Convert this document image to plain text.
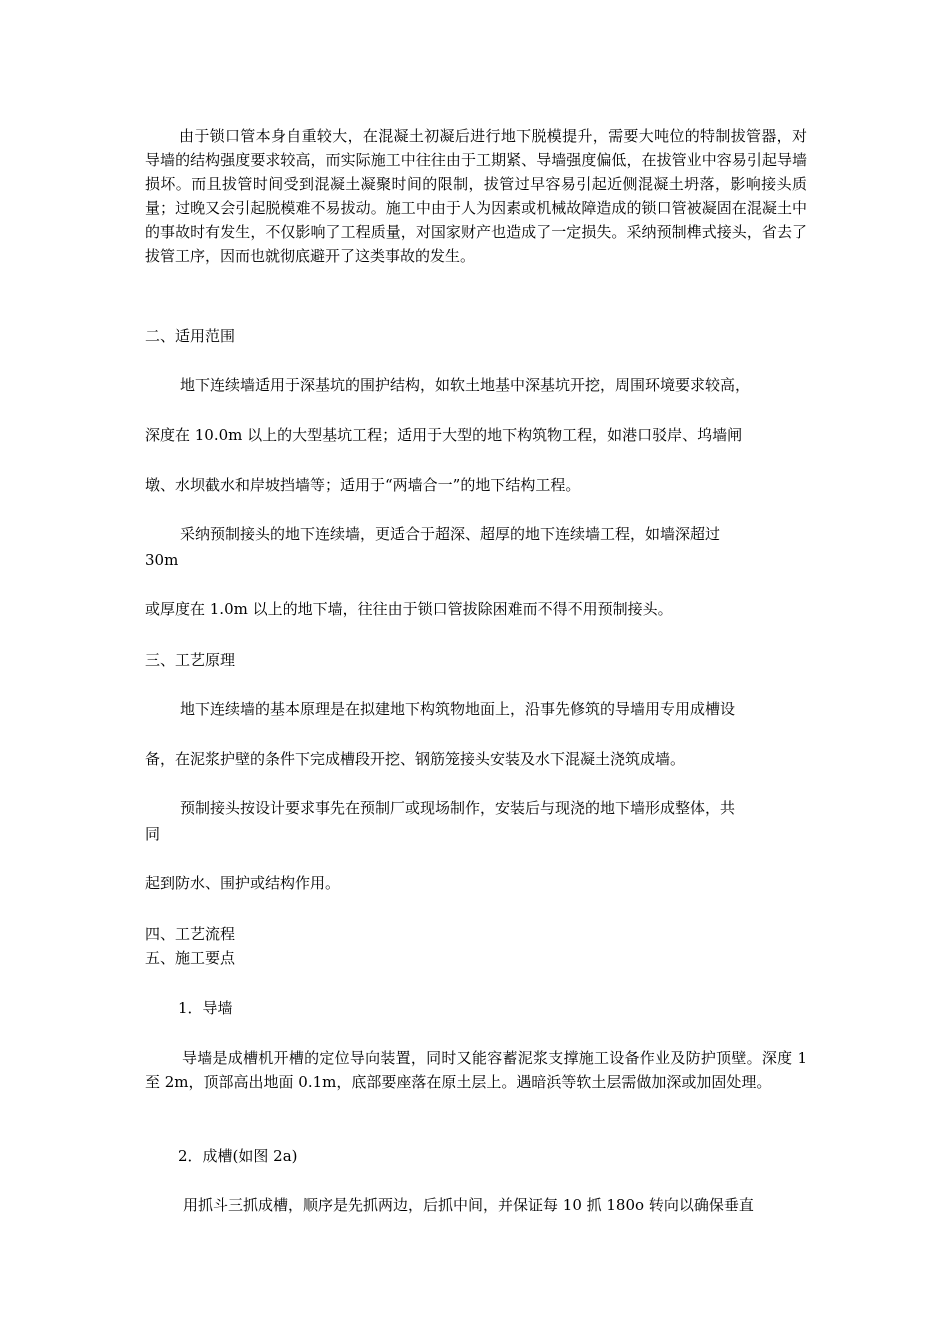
由于锁口管本身自重较大，在混凝土初凝后进行地下脱模提升，需要大吨位的特制拔管器，对导墙的结构强度要求较高，而实际施工中往往由于工期紧、导墙强度偏低，在拔管业中容易引起导墙损坏。而且拔管时间受到混凝土凝聚时间的限制，拔管过早容易引起近侧混凝土坍落，影响接头质量；过晚又会引起脱模难不易拔动。施工中由于人为因素或机械故障造成的锁口管被凝固在混凝土中的事故时有发生，不仅影响了工程质量，对国家财产也造成了一定损失。采纳预制榫式接头，省去了拔管工序，因而也就彻底避开了这类事故的发生。
二、适用范围
地下连续墙适用于深基坑的围护结构，如软土地基中深基坑开挖，周围环境要求较高，
深度在 10.0m 以上的大型基坑工程；适用于大型的地下构筑物工程，如港口驳岸、坞墙闸
墩、水坝截水和岸坡挡墙等；适用于“两墙合一”的地下结构工程。
采纳预制接头的地下连续墙，更适合于超深、超厚的地下连续墙工程，如墙深超过
30m
或厚度在 1.0m 以上的地下墙，往往由于锁口管拔除困难而不得不用预制接头。
三、工艺原理
地下连续墙的基本原理是在拟建地下构筑物地面上，沿事先修筑的导墙用专用成槽设
备，在泥浆护壁的条件下完成槽段开挖、钢筋笼接头安装及水下混凝土浇筑成墙。
预制接头按设计要求事先在预制厂或现场制作，安装后与现浇的地下墙形成整体，共
同
起到防水、围护或结构作用。
四、工艺流程
五、施工要点
1．导墙
导墙是成槽机开槽的定位导向装置，同时又能容蓄泥浆支撑施工设备作业及防护顶壁。深度 1 至 2m，顶部高出地面 0.1m，底部要座落在原土层上。遇暗浜等软土层需做加深或加固处理。
2．成槽(如图 2a)
用抓斗三抓成槽，顺序是先抓两边，后抓中间，并保证每 10 抓 180o 转向以确保垂直
